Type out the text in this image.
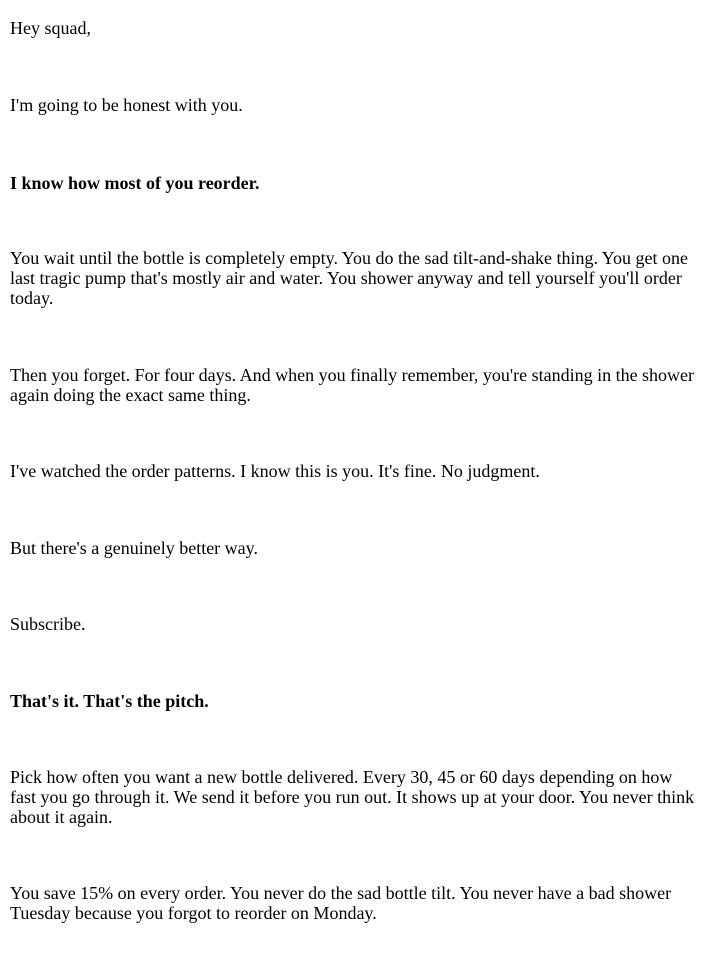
Hey squad,

I'm going to be honest with you.

I know how most of you reorder.

You wait until the bottle is completely empty. You do the sad tilt-and-shake thing. You get one last tragic pump that's mostly air and water. You shower anyway and tell yourself you'll order today.

Then you forget. For four days. And when you finally remember, you're standing in the shower again doing the exact same thing.

I've watched the order patterns. I know this is you. It's fine. No judgment.

But there's a genuinely better way.

Subscribe.

That's it. That's the pitch.

Pick how often you want a new bottle delivered. Every 30, 45 or 60 days depending on how fast you go through it. We send it before you run out. It shows up at your door. You never think about it again.

You save 15% on every order. You never do the sad bottle tilt. You never have a bad shower Tuesday because you forgot to reorder on Monday.
